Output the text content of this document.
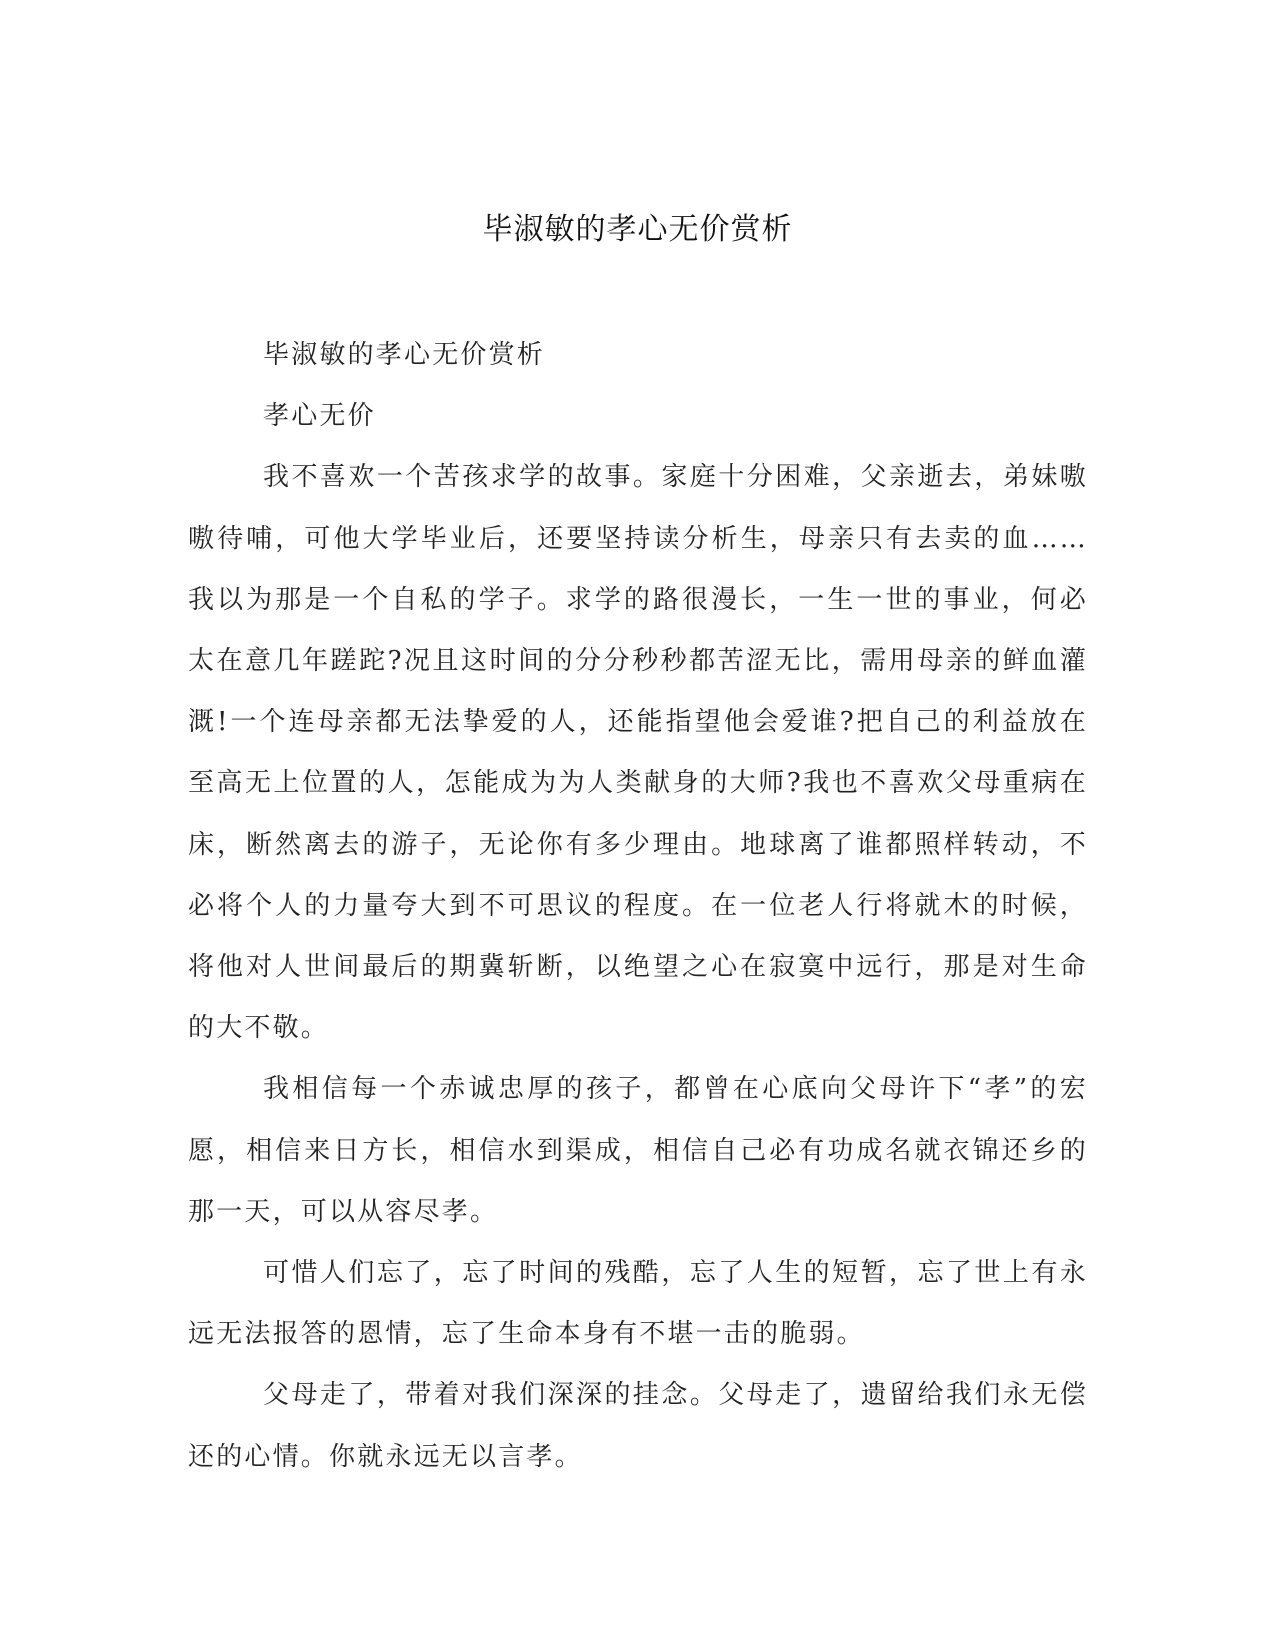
毕淑敏的孝心无价赏析

毕淑敏的孝心无价赏析

孝心无价

我不喜欢一个苦孩求学的故事。家庭十分困难，父亲逝去，弟妹嗷嗷待哺，可他大学毕业后，还要坚持读分析生，母亲只有去卖的血……我以为那是一个自私的学子。求学的路很漫长，一生一世的事业，何必太在意几年蹉跎?况且这时间的分分秒秒都苦涩无比，需用母亲的鲜血灌溉!一个连母亲都无法挚爱的人，还能指望他会爱谁?把自己的利益放在至高无上位置的人，怎能成为为人类献身的大师?我也不喜欢父母重病在床，断然离去的游子，无论你有多少理由。地球离了谁都照样转动，不必将个人的力量夸大到不可思议的程度。在一位老人行将就木的时候，将他对人世间最后的期冀斩断，以绝望之心在寂寞中远行，那是对生命的大不敬。

我相信每一个赤诚忠厚的孩子，都曾在心底向父母许下“孝”的宏愿，相信来日方长，相信水到渠成，相信自己必有功成名就衣锦还乡的那一天，可以从容尽孝。

可惜人们忘了，忘了时间的残酷，忘了人生的短暂，忘了世上有永远无法报答的恩情，忘了生命本身有不堪一击的脆弱。

父母走了，带着对我们深深的挂念。父母走了，遗留给我们永无偿还的心情。你就永远无以言孝。
